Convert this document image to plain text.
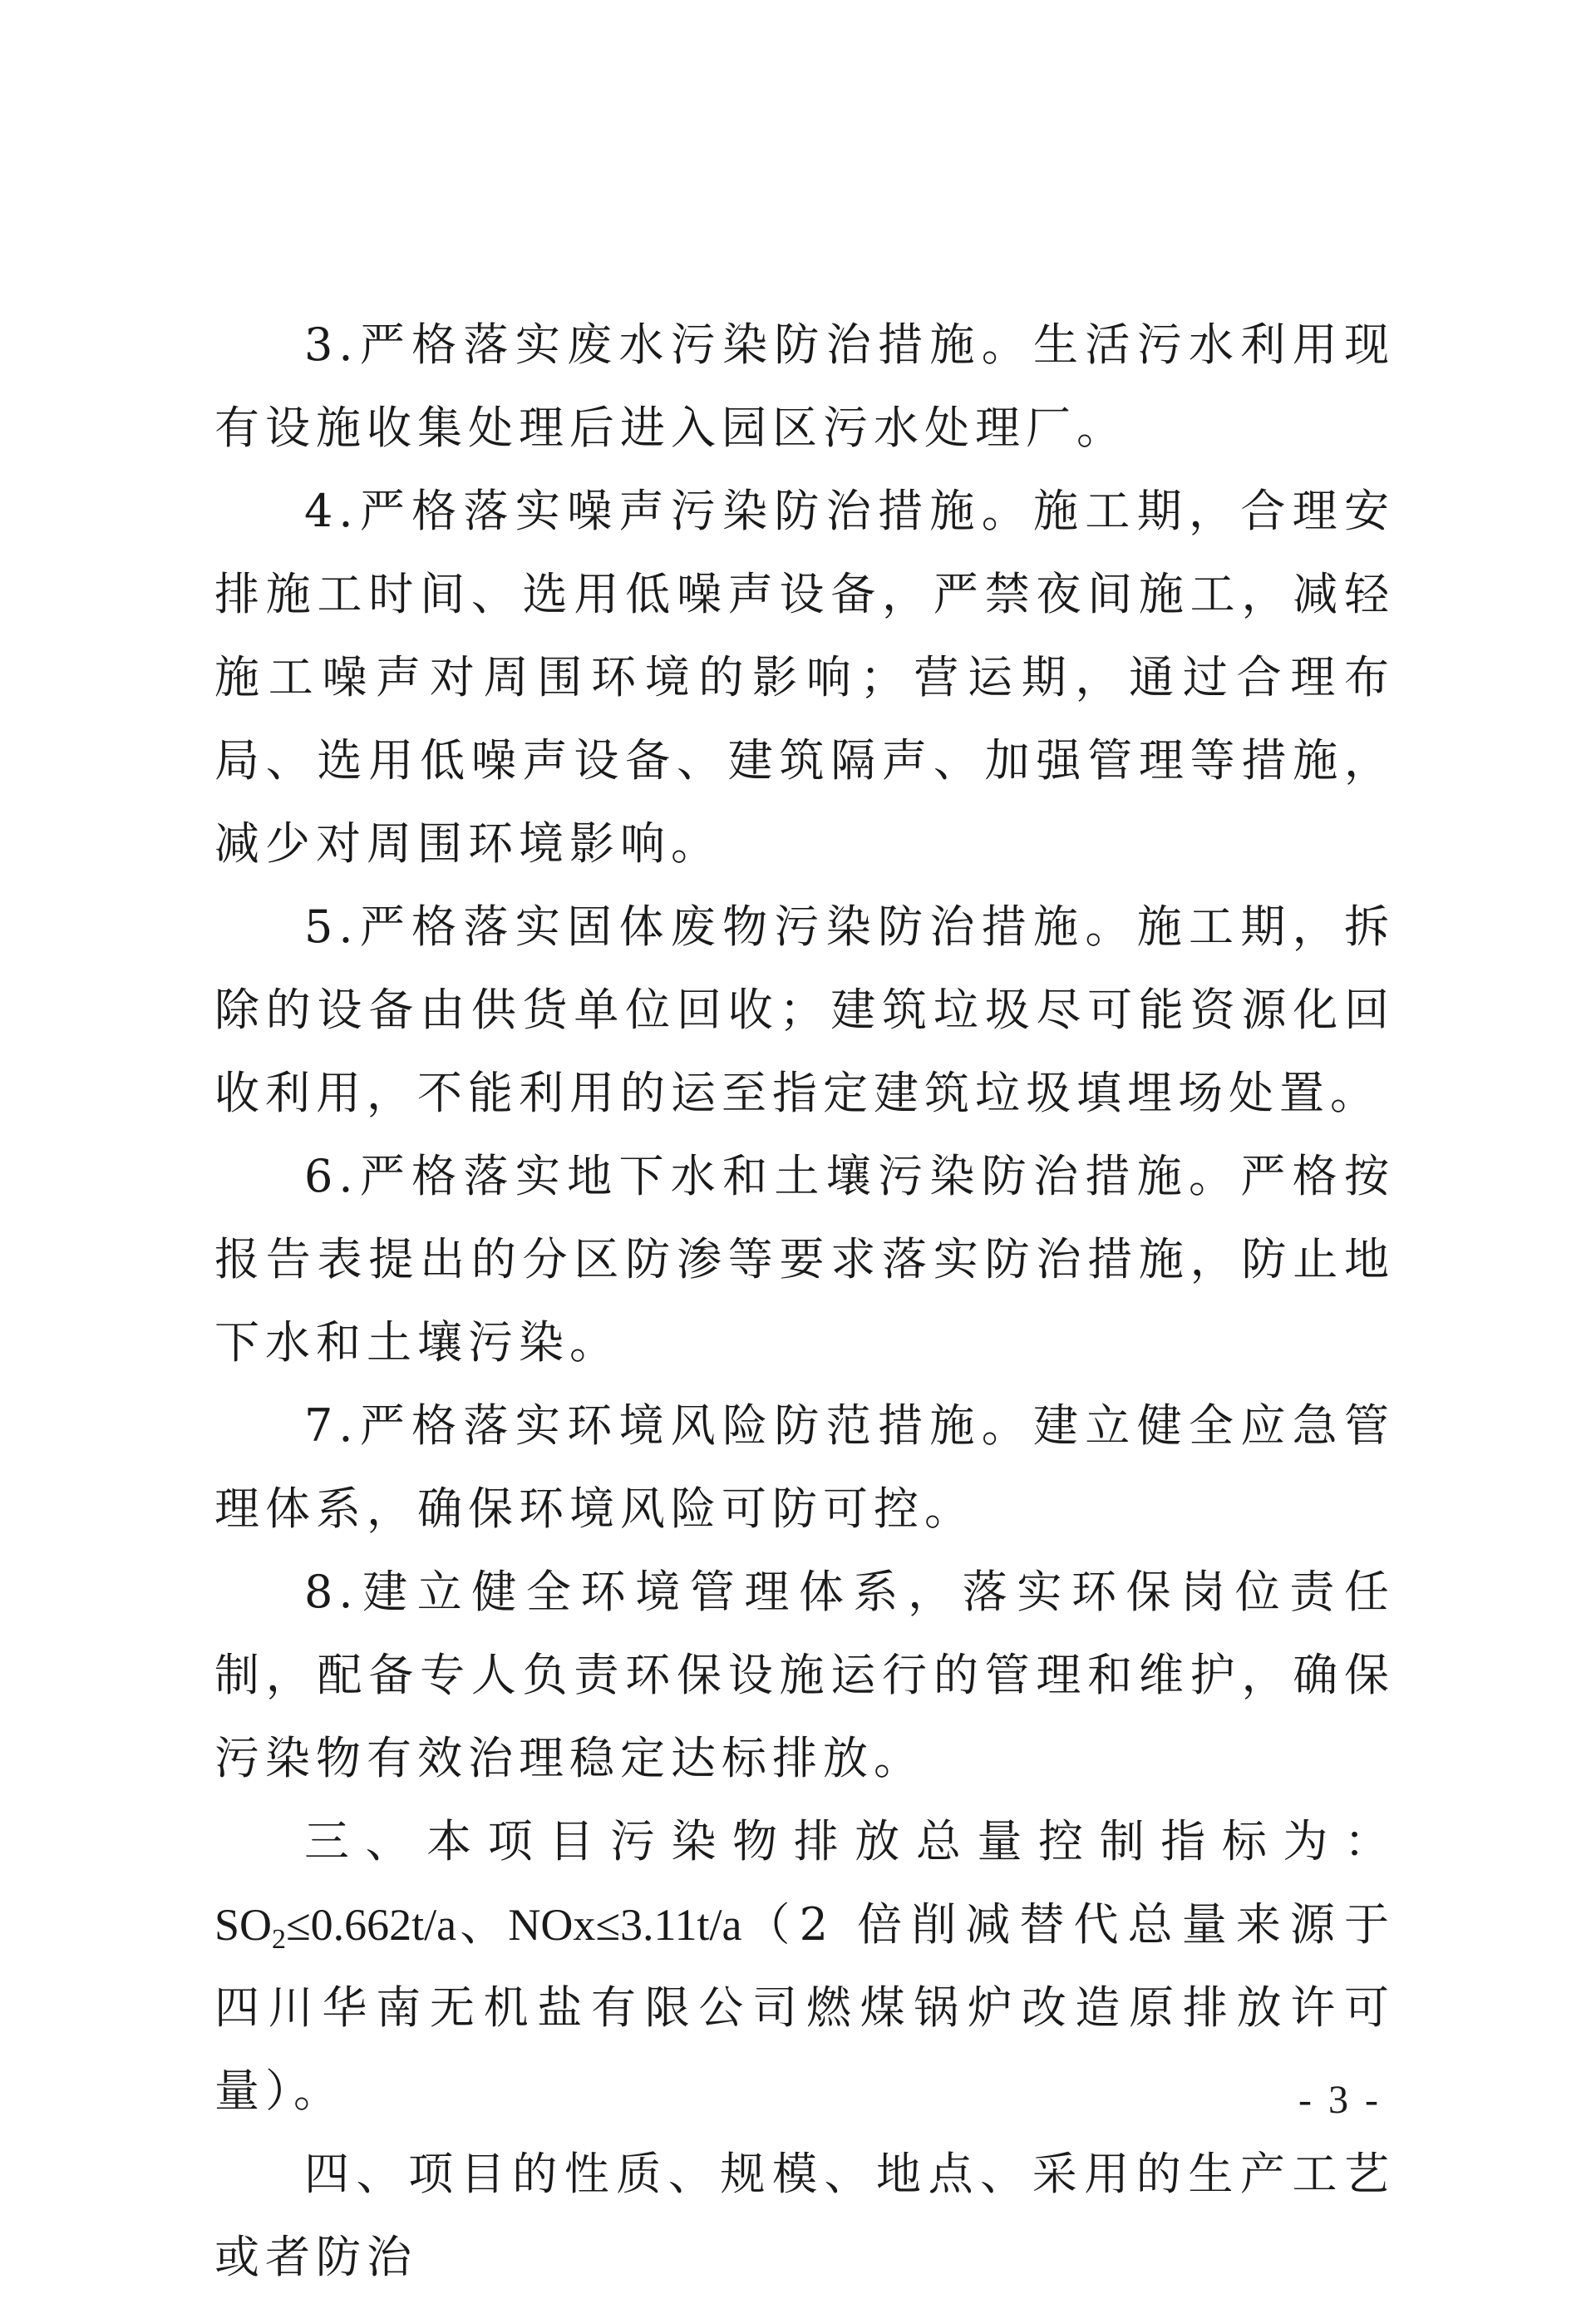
3.严格落实废水污染防治措施。生活污水利用现有设施收集处理后进入园区污水处理厂。

4.严格落实噪声污染防治措施。施工期，合理安排施工时间、选用低噪声设备，严禁夜间施工，减轻施工噪声对周围环境的影响；营运期，通过合理布局、选用低噪声设备、建筑隔声、加强管理等措施，减少对周围环境影响。

5.严格落实固体废物污染防治措施。施工期，拆除的设备由供货单位回收；建筑垃圾尽可能资源化回收利用，不能利用的运至指定建筑垃圾填埋场处置。

6.严格落实地下水和土壤污染防治措施。严格按报告表提出的分区防渗等要求落实防治措施，防止地下水和土壤污染。

7.严格落实环境风险防范措施。建立健全应急管理体系，确保环境风险可防可控。

8.建立健全环境管理体系，落实环保岗位责任制，配备专人负责环保设施运行的管理和维护，确保污染物有效治理稳定达标排放。

三、本项目污染物排放总量控制指标为：$SO_2\le 0.662t/a$、NOx≤3.11t/a（2 倍削减替代总量来源于四川华南无机盐有限公司燃煤锅炉改造原排放许可量）。

四、项目的性质、规模、地点、采用的生产工艺或者防治

- 3 -
